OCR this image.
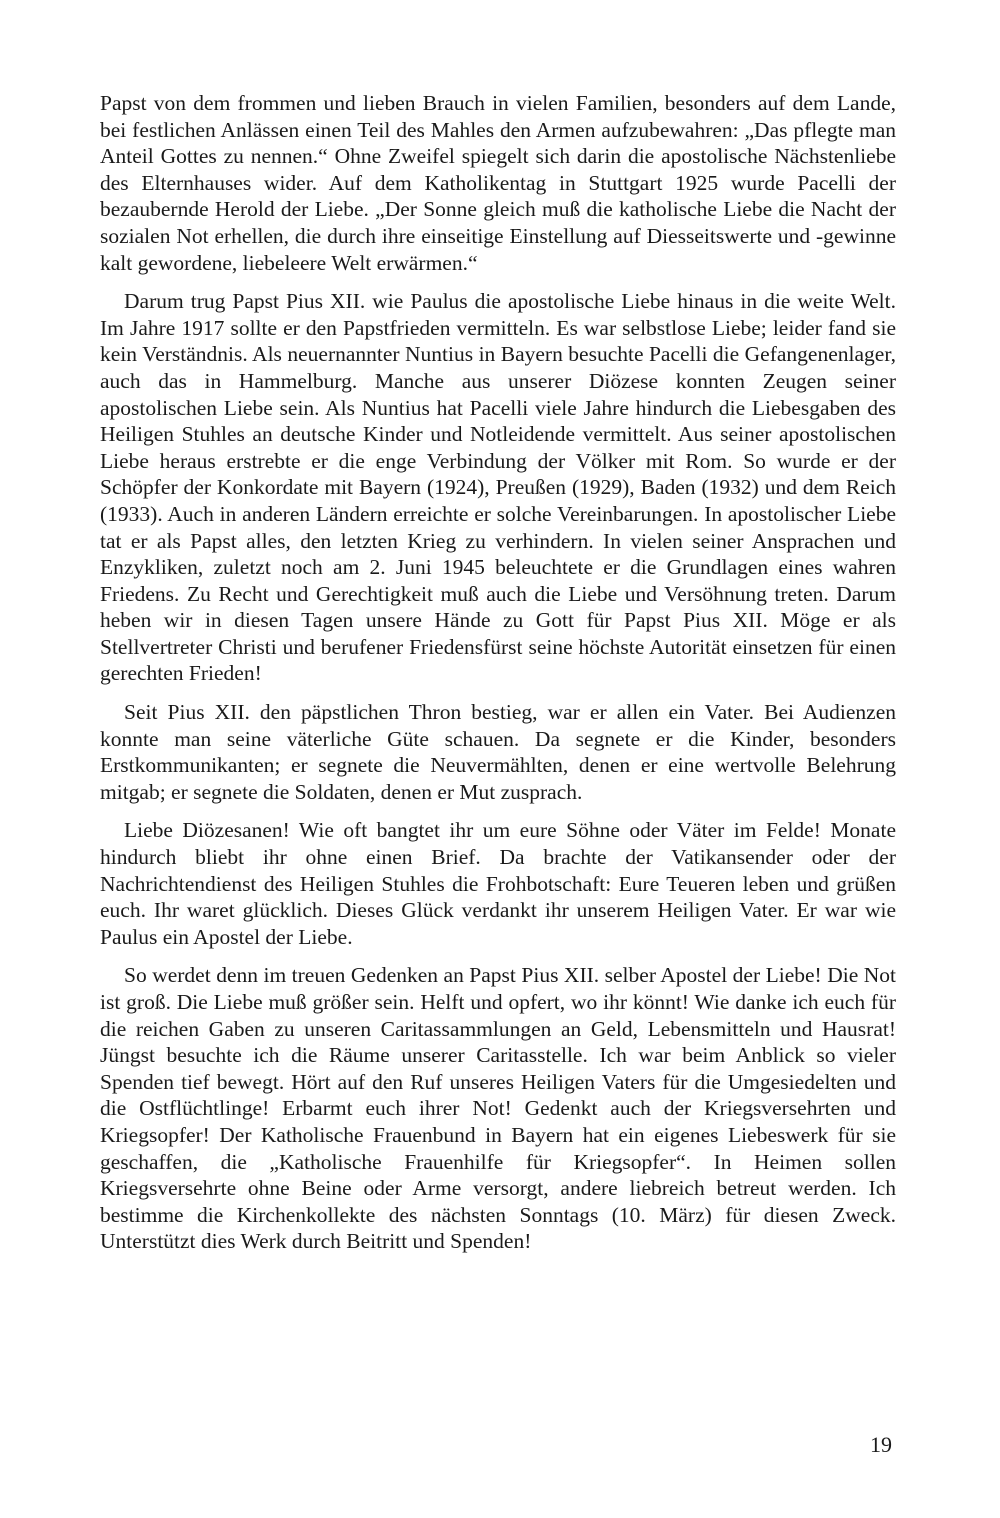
Papst von dem frommen und lieben Brauch in vielen Familien, besonders auf dem Lande, bei festlichen Anlässen einen Teil des Mahles den Armen aufzubewahren: „Das pflegte man Anteil Gottes zu nennen.“ Ohne Zweifel spiegelt sich darin die apostolische Nächstenliebe des Elternhauses wider. Auf dem Katholikentag in Stuttgart 1925 wurde Pacelli der bezaubernde Herold der Liebe. „Der Sonne gleich muß die katholische Liebe die Nacht der sozialen Not erhellen, die durch ihre einseitige Einstellung auf Diesseitswerte und -gewinne kalt gewordene, liebeleere Welt erwärmen.“

Darum trug Papst Pius XII. wie Paulus die apostolische Liebe hinaus in die weite Welt. Im Jahre 1917 sollte er den Papstfrieden vermitteln. Es war selbstlose Liebe; leider fand sie kein Verständnis. Als neuernannter Nuntius in Bayern besuchte Pacelli die Gefangenenlager, auch das in Hammelburg. Manche aus unserer Diözese konnten Zeugen seiner apostolischen Liebe sein. Als Nuntius hat Pacelli viele Jahre hindurch die Liebesgaben des Heiligen Stuhles an deutsche Kinder und Notleidende vermittelt. Aus seiner apostolischen Liebe heraus erstrebte er die enge Verbindung der Völker mit Rom. So wurde er der Schöpfer der Konkordate mit Bayern (1924), Preußen (1929), Baden (1932) und dem Reich (1933). Auch in anderen Ländern erreichte er solche Vereinbarungen. In apostolischer Liebe tat er als Papst alles, den letzten Krieg zu verhindern. In vielen seiner Ansprachen und Enzykliken, zuletzt noch am 2. Juni 1945 beleuchtete er die Grundlagen eines wahren Friedens. Zu Recht und Gerechtigkeit muß auch die Liebe und Versöhnung treten. Darum heben wir in diesen Tagen unsere Hände zu Gott für Papst Pius XII. Möge er als Stellvertreter Christi und berufener Friedensfürst seine höchste Autorität einsetzen für einen gerechten Frieden!

Seit Pius XII. den päpstlichen Thron bestieg, war er allen ein Vater. Bei Audienzen konnte man seine väterliche Güte schauen. Da segnete er die Kinder, besonders Erstkommunikanten; er segnete die Neuvermählten, denen er eine wertvolle Belehrung mitgab; er segnete die Soldaten, denen er Mut zusprach.

Liebe Diözesanen! Wie oft bangtet ihr um eure Söhne oder Väter im Felde! Monate hindurch bliebt ihr ohne einen Brief. Da brachte der Vatikansender oder der Nachrichtendienst des Heiligen Stuhles die Frohbotschaft: Eure Teueren leben und grüßen euch. Ihr waret glücklich. Dieses Glück verdankt ihr unserem Heiligen Vater. Er war wie Paulus ein Apostel der Liebe.

So werdet denn im treuen Gedenken an Papst Pius XII. selber Apostel der Liebe! Die Not ist groß. Die Liebe muß größer sein. Helft und opfert, wo ihr könnt! Wie danke ich euch für die reichen Gaben zu unseren Caritassammlungen an Geld, Lebensmitteln und Hausrat! Jüngst besuchte ich die Räume unserer Caritasstelle. Ich war beim Anblick so vieler Spenden tief bewegt. Hört auf den Ruf unseres Heiligen Vaters für die Umgesiedelten und die Ostflüchtlinge! Erbarmt euch ihrer Not! Gedenkt auch der Kriegsversehrten und Kriegsopfer! Der Katholische Frauenbund in Bayern hat ein eigenes Liebeswerk für sie geschaffen, die „Katholische Frauenhilfe für Kriegsopfer“. In Heimen sollen Kriegsversehrte ohne Beine oder Arme versorgt, andere liebreich betreut werden. Ich bestimme die Kirchenkollekte des nächsten Sonntags (10. März) für diesen Zweck. Unterstützt dies Werk durch Beitritt und Spenden!

19
